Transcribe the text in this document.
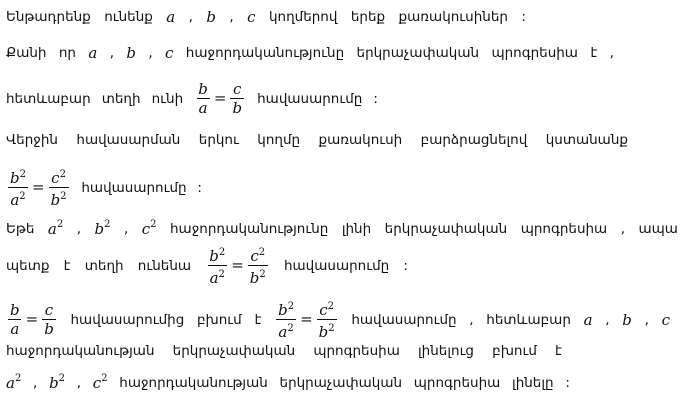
Ենթադրենք ունենք a , b , c կողմերով երեք քառակուսիներ :
Քանի որ a , b , c հաջորդականությունը երկրաչափական պրոգրեսիա է ,
հետևաբար տեղի ունի $\frac{b}{a} = \frac{c}{b}$ հավասարումը :
Վերջին հավասարման երկու կողմը քառակուսի բարձրացնելով կստանանք
$\frac{b^2}{a^2} = \frac{c^2}{b^2}$ հավասարումը :
Եթե $a^2$ , $b^2$ , $c^2$ հաջորդականությունը լինի երկրաչափական պրոգրեսիա , ապա
պետք է տեղի ունենա $\frac{b^2}{a^2} = \frac{c^2}{b^2}$ հավասարումը :
$\frac{b}{a} = \frac{c}{b}$ հավասարումից բխում է $\frac{b^2}{a^2} = \frac{c^2}{b^2}$ հավասարումը , հետևաբար a , b , c
հաջորդականության երկրաչափական պրոգրեսիա լինելուց բխում է
$a^2$ , $b^2$ , $c^2$ հաջորդականության երկրաչափական պրոգրեսիա լինելը :
